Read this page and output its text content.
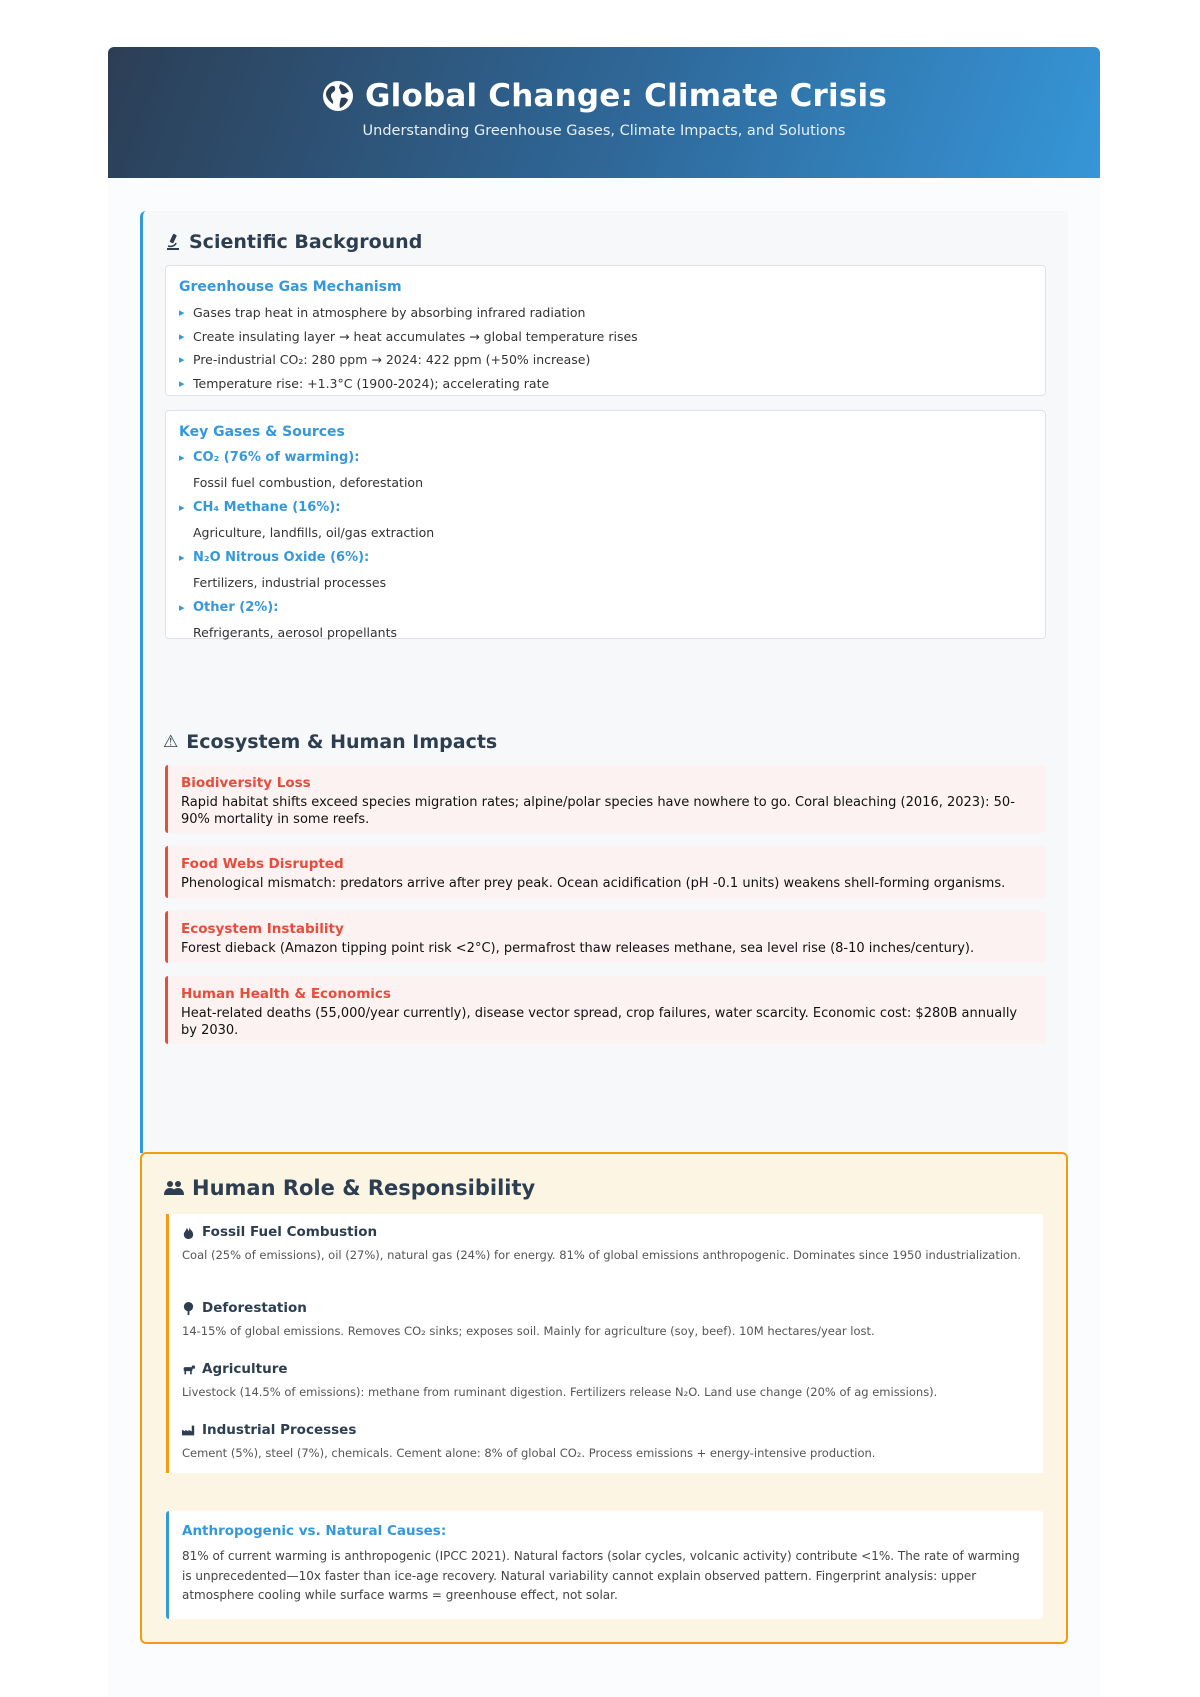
Global Change: Climate Crisis
Understanding Greenhouse Gases, Climate Impacts, and Solutions
Scientific Background
Greenhouse Gas Mechanism
▸ Gases trap heat in atmosphere by absorbing infrared radiation
▸ Create insulating layer → heat accumulates → global temperature rises
▸ Pre-industrial CO₂: 280 ppm → 2024: 422 ppm (+50% increase)
▸ Temperature rise: +1.3°C (1900-2024); accelerating rate
Key Gases & Sources
▸ CO₂ (76% of warming):
Fossil fuel combustion, deforestation
▸ CH₄ Methane (16%):
Agriculture, landfills, oil/gas extraction
▸ N₂O Nitrous Oxide (6%):
Fertilizers, industrial processes
▸ Other (2%):
Refrigerants, aerosol propellants
⚠ Ecosystem & Human Impacts
Biodiversity Loss

Rapid habitat shifts exceed species migration rates; alpine/polar species have nowhere to go. Coral bleaching (2016, 2023): 50-90% mortality in some reefs.

Food Webs Disrupted

Phenological mismatch: predators arrive after prey peak. Ocean acidification (pH -0.1 units) weakens shell-forming organisms.

Ecosystem Instability

Forest dieback (Amazon tipping point risk <2°C), permafrost thaw releases methane, sea level rise (8-10 inches/century).

Human Health & Economics

Heat-related deaths (55,000/year currently), disease vector spread, crop failures, water scarcity. Economic cost: $280B annually by 2030.

Human Role & Responsibility
Fossil Fuel Combustion

Coal (25% of emissions), oil (27%), natural gas (24%) for energy. 81% of global emissions anthropogenic. Dominates since 1950 industrialization.

Deforestation

14-15% of global emissions. Removes CO₂ sinks; exposes soil. Mainly for agriculture (soy, beef). 10M hectares/year lost.

Agriculture

Livestock (14.5% of emissions): methane from ruminant digestion. Fertilizers release N₂O. Land use change (20% of ag emissions).

Industrial Processes

Cement (5%), steel (7%), chemicals. Cement alone: 8% of global CO₂. Process emissions + energy-intensive production.

Anthropogenic vs. Natural Causes:

81% of current warming is anthropogenic (IPCC 2021). Natural factors (solar cycles, volcanic activity) contribute <1%. The rate of warming is unprecedented—10x faster than ice-age recovery. Natural variability cannot explain observed pattern. Fingerprint analysis: upper atmosphere cooling while surface warms = greenhouse effect, not solar.
